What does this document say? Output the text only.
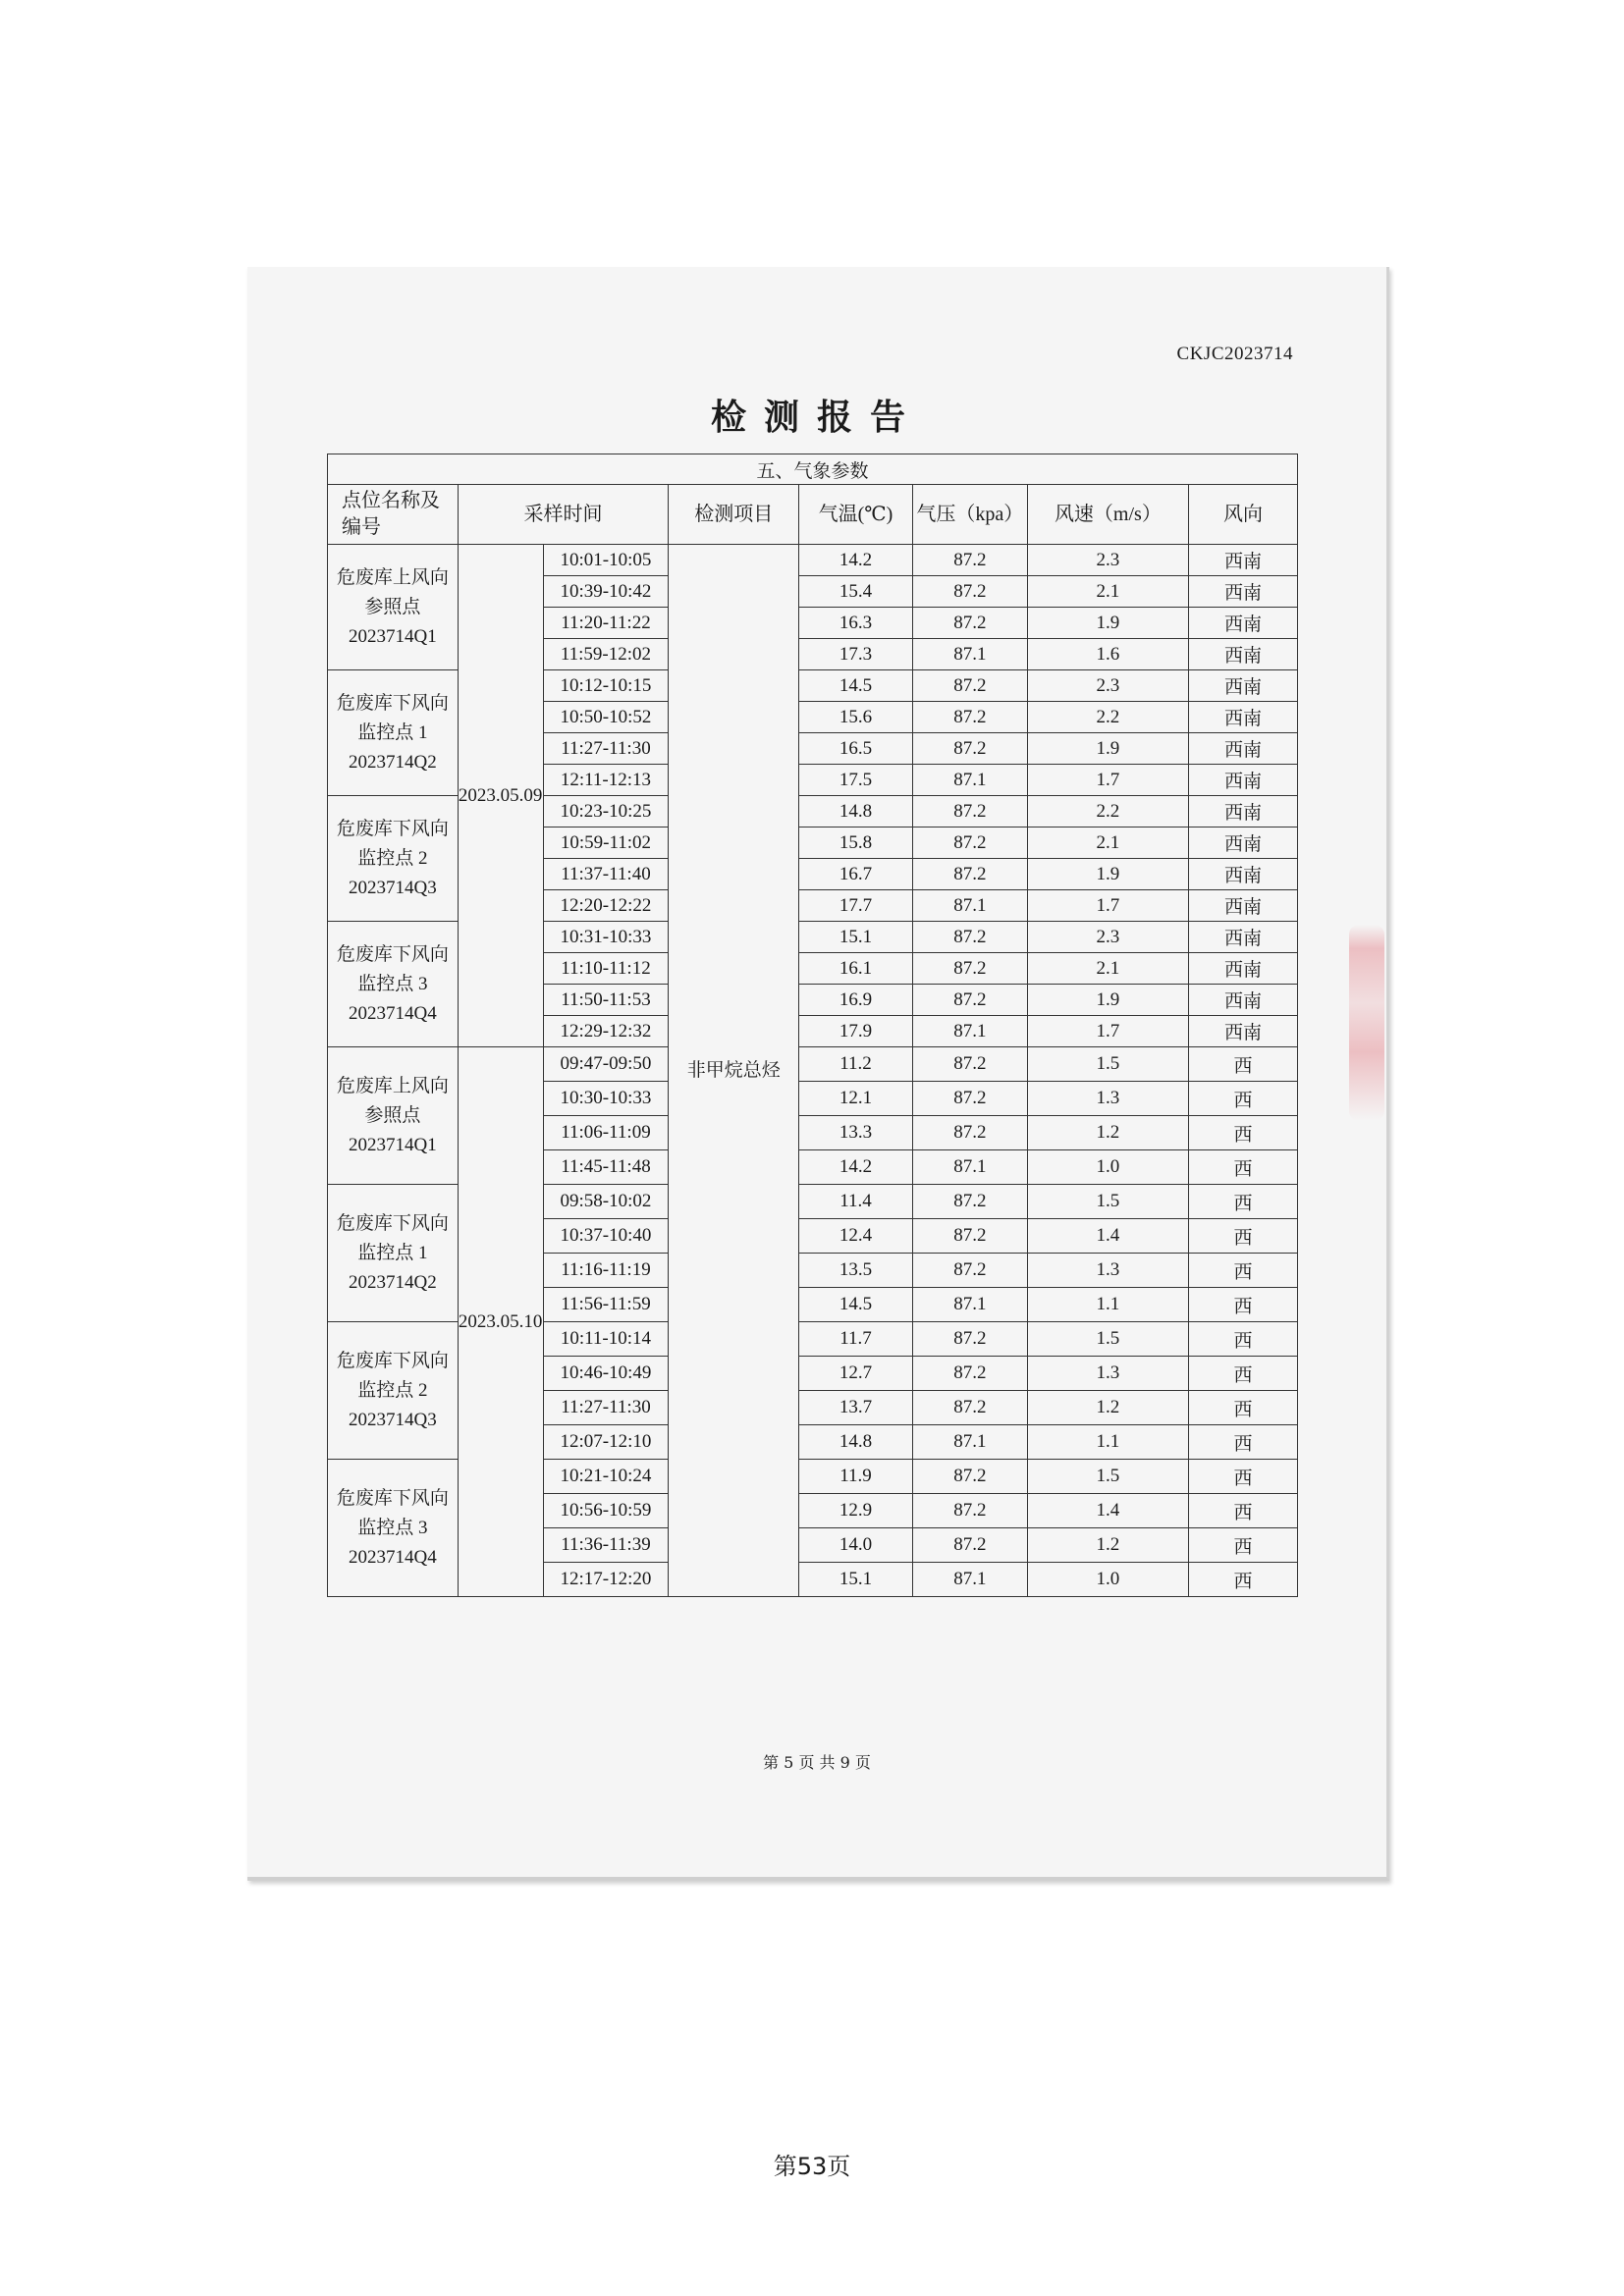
CKJC2023714
检测报告
五、气象参数							
点位名称及编号	采样时间		检测项目	气温(℃)	气压（kpa）	风速（m/s）	风向
危废库上风向参照点2023714Q1	2023.05.09	10:01-10:05	非甲烷总烃	14.2	87.2	2.3	西南
		10:39-10:42		15.4	87.2	2.1	西南
		11:20-11:22		16.3	87.2	1.9	西南
		11:59-12:02		17.3	87.1	1.6	西南
危废库下风向监控点 1 2023714Q2		10:12-10:15		14.5	87.2	2.3	西南
		10:50-10:52		15.6	87.2	2.2	西南
		11:27-11:30		16.5	87.2	1.9	西南
		12:11-12:13		17.5	87.1	1.7	西南
危废库下风向监控点 2 2023714Q3		10:23-10:25		14.8	87.2	2.2	西南
		10:59-11:02		15.8	87.2	2.1	西南
		11:37-11:40		16.7	87.2	1.9	西南
		12:20-12:22		17.7	87.1	1.7	西南
危废库下风向监控点 3 2023714Q4		10:31-10:33		15.1	87.2	2.3	西南
		11:10-11:12		16.1	87.2	2.1	西南
		11:50-11:53		16.9	87.2	1.9	西南
		12:29-12:32		17.9	87.1	1.7	西南
危废库上风向参照点2023714Q1	2023.05.10	09:47-09:50		11.2	87.2	1.5	西
		10:30-10:33		12.1	87.2	1.3	西
		11:06-11:09		13.3	87.2	1.2	西
		11:45-11:48		14.2	87.1	1.0	西
危废库下风向监控点 1 2023714Q2		09:58-10:02		11.4	87.2	1.5	西
		10:37-10:40		12.4	87.2	1.4	西
		11:16-11:19		13.5	87.2	1.3	西
		11:56-11:59		14.5	87.1	1.1	西
危废库下风向监控点 2 2023714Q3		10:11-10:14		11.7	87.2	1.5	西
		10:46-10:49		12.7	87.2	1.3	西
		11:27-11:30		13.7	87.2	1.2	西
		12:07-12:10		14.8	87.1	1.1	西
危废库下风向监控点 3 2023714Q4		10:21-10:24		11.9	87.2	1.5	西
		10:56-10:59		12.9	87.2	1.4	西
		11:36-11:39		14.0	87.2	1.2	西
		12:17-12:20		15.1	87.1	1.0	西
第 5 页 共 9 页
第53页
